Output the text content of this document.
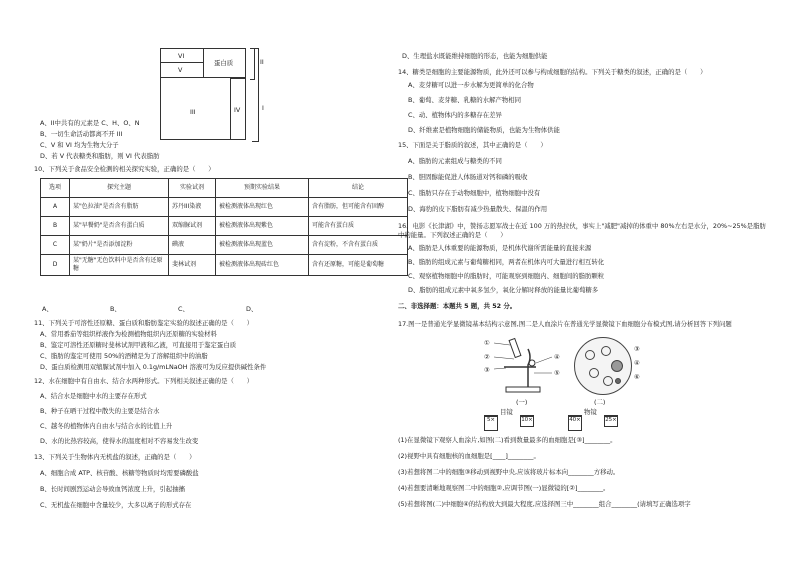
VI
V
蛋白质
III	IV
II
I
A、II中共有的元素是 C、H、O、N
B、一切生命活动都离不开 III
C、V 和 VI 均为生物大分子
D、若 V 代表糖类和脂肪，则 VI 代表脂肪
10、下列关于食品安全检测的相关探究实验，正确的是（　　）
选项	探究主题	实验试剂	预期实验结果	结论
A	某"色拉油"是否含有脂肪	苏丹III染液	被检测液体出现红色	含有脂肪，但可能含有固醇
B	某"早餐奶"是否含有蛋白质	双缩脲试剂	被检测液体出现紫色	可能含有蛋白质
C	某"奶片"是否添加淀粉	碘液	被检测液体出现蓝色	含有淀粉，不含有蛋白质
D	某"无糖"无色饮料中是否含有还原糖	斐林试剂	被检测液体出现砖红色	含有还原糖，可能是葡萄糖
A、	B、	C、	D、
11、下列关于可溶性还原糖、蛋白质和脂肪鉴定实验的叙述正确的是（　　）
A、常用番茄等组织样液作为检测植物组织内还原糖的实验材料
B、鉴定可溶性还原糖时斐林试剂甲液和乙液，可直接用于鉴定蛋白质
C、脂肪的鉴定可使用 50%的酒精是为了溶解组织中的油脂
D、蛋白质检测用双缩脲试剂中加入 0.1g/mLNaOH 溶液可为反应提供碱性条件
12、水在细胞中有自由水、结合水两种形式。下列相关叙述正确的是（　　）
A、结合水是细胞中水的主要存在形式
B、种子在晒干过程中散失的主要是结合水
C、越冬的植物体内自由水与结合水的比值上升
D、水的比热容较高，使得水的温度相对不容易发生改变
13、下列关于生物体内无机盐的叙述，正确的是（　　）
A、细胞合成 ATP、核苷酸、核糖等物质时均需要磷酸盐
B、长时间剧烈运动会导致血钙浓度上升，引起抽搐
C、无机盐在细胞中含量较少，大多以离子的形式存在
D、生理盐水既能维持细胞的形态，也能为细胞供能
14、糖类是细胞的主要能源物质，此外还可以参与构成细胞的结构。下列关于糖类的叙述，正确的是（　　）
A、麦芽糖可以进一步水解为更简单的化合物
B、葡萄、麦芽糖、乳糖的水解产物相同
C、动、植物体内的多糖存在差异
D、纤维素是植物细胞的储能物质，也能为生物体供能
15、下面是关于脂质的叙述，其中正确的是（　　）
A、脂肪的元素组成与糖类的不同
B、胆固醇能促进人体肠道对钙和磷的吸收
C、脂肪只存在于动物细胞中，植物细胞中没有
D、海豹的皮下脂肪有减少热量散失、保温的作用
16、电影《长津湖》中，赞扬志愿军战士在近 100 万的热拉伙，事实上"减肥"减掉的体重中 80%左右是水分，20%~25%是脂肪中的能量。下列叙述正确的是（　　）
A、脂肪是人体重要的能源物质，是机体代谢所需能量的直接来源
B、脂肪的组成元素与葡萄糖相同，两者在机体内可大量进行相互转化
C、观察植物细胞中的脂肪时，可能观察到细胞内、细胞间的脂肪颗粒
D、脂肪的组成元素中氧多氢少，氧化分解时释放的能量比葡萄糖多
二、非选择题：本题共 5 题，共 52 分。
17.图一是普通光学显微镜基本结构示意图,图二是人血涂片在普通光学显微镜下血细胞分布模式图,请分析回答下列问题
(1)在显微镜下观察人血涂片,如图(二)看到数量最多的血细胞是[③]________。
(2)视野中具有细胞核的血细胞是[____]________。
(3)若想将图二中的细胞③移动到视野中央,应该将玻片标本向________方移动。
(4)若想要清晰地观察图二中的细胞②,应调节图(一)显微镜的[②]________。
(5)若想将图(二)中细胞④的结构放大到最大程度,应选择图三中________组合________(请填写正确选项字
①
②
③
④
⑤
(一)
③
④
⑥
(二)
目镜	物镜
5×	10×	40×	25×
